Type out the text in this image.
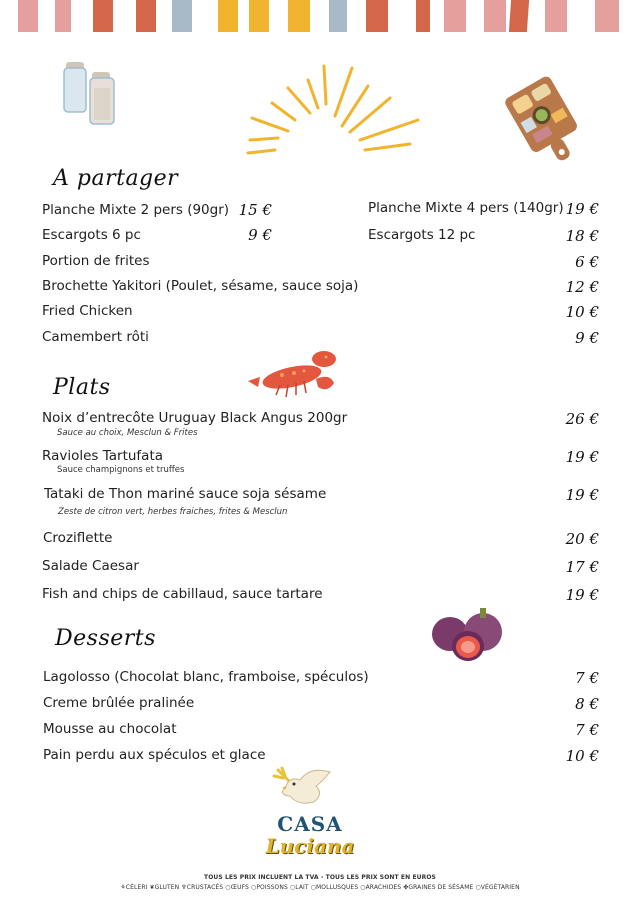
A partager
Planche Mixte 2 pers (90gr) 15 €
Escargots 6 pc	9 €
Planche Mixte 4 pers (140gr) 19 €
Escargots 12 pc	18 €
Portion de frites	6 €
Brochette Yakitori (Poulet, sésame, sauce soja)	12 €
Fried Chicken	10 €
Camembert rôti	9 €
Plats
Noix d’entrecôte Uruguay Black Angus 200gr
Sauce au choix, Mesclun & Frites
26 €
Ravioles Tartufata
Sauce champignons et truffes
19 €
Tataki de Thon mariné sauce soja sésame
Zeste de citron vert, herbes fraiches, frites & Mesclun
19 €
Croziflette	20 €
Salade Caesar	17 €
Fish and chips de cabillaud, sauce tartare	19 €
Desserts
Lagolosso (Chocolat blanc, framboise, spéculos)	7 €
Creme brûlée pralinée	8 €
Mousse au chocolat	7 €
Pain perdu aux spéculos et glace	10 €
CASA
Luciana
TOUS LES PRIX INCLUENT LA TVA - TOUS LES PRIX SONT EN EUROS
⚘CÉLERI ❦GLUTEN ♆CRUSTACÉS ○ŒUFS ○POISSONS ○LAIT ○MOLLUSQUES ○ARACHIDES ✤GRAINES DE SÉSAME ○VÉGÉTARIEN
